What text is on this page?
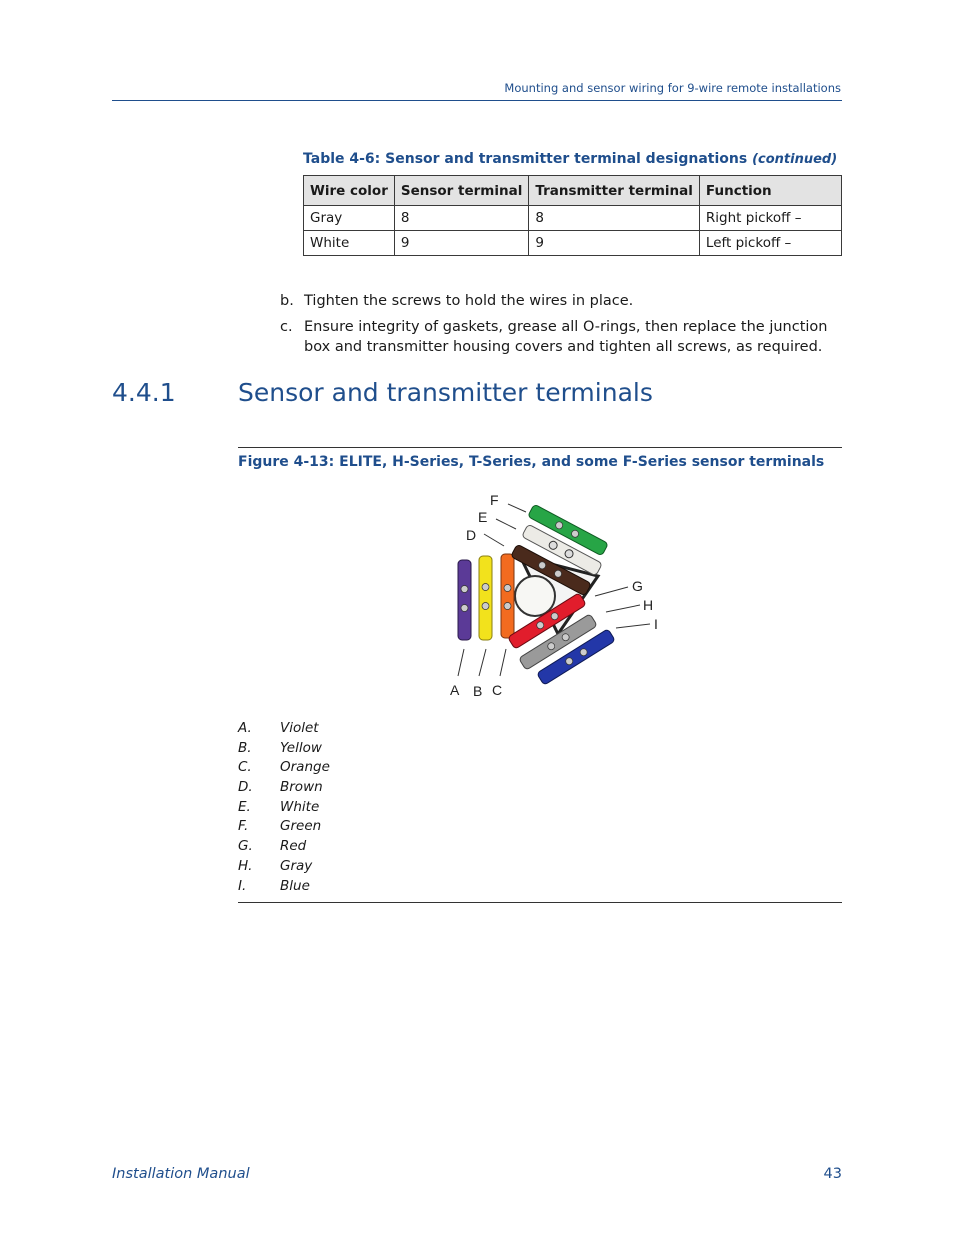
Mounting and sensor wiring for 9-wire remote installations
Table 4-6: Sensor and transmitter terminal designations (continued)
Wire color	Sensor terminal	Transmitter terminal	Function
Gray	8	8	Right pickoff –
White	9	9	Left pickoff –
b. Tighten the screws to hold the wires in place.
c. Ensure integrity of gaskets, grease all O-rings, then replace the junction box and transmitter housing covers and tighten all screws, as required.
4.4.1 Sensor and transmitter terminals
Figure 4-13: ELITE, H-Series, T-Series, and some F-Series sensor terminals
F
E
D
A B C
G
H
I
A. Violet
B. Yellow
C. Orange
D. Brown
E. White
F. Green
G. Red
H. Gray
I. Blue
Installation Manual	43
